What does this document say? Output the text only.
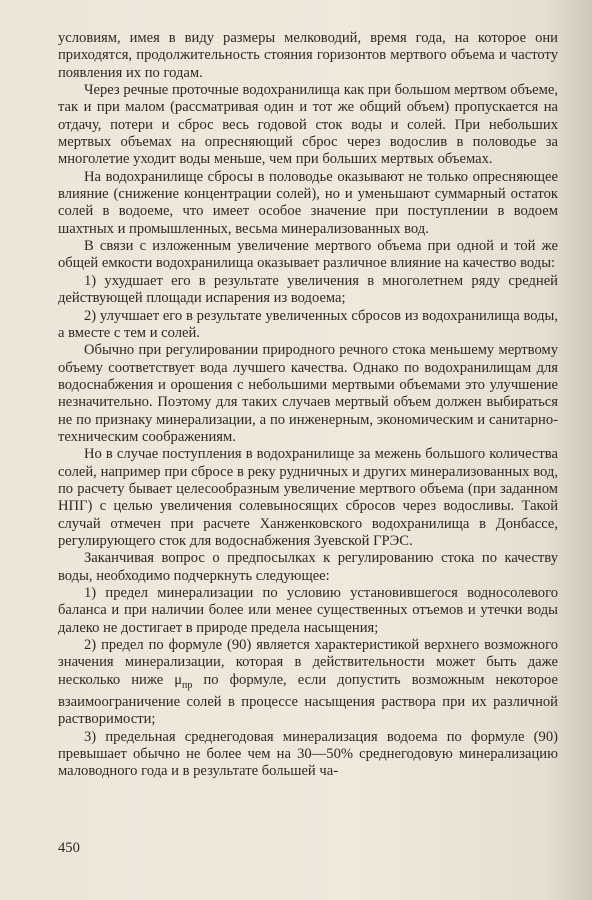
условиям, имея в виду размеры мелководий, время года, на которое они приходятся, продолжительность стояния горизонтов мертвого объема и частоту появления их по годам.

Через речные проточные водохранилища как при большом мертвом объеме, так и при малом (рассматривая один и тот же общий объем) пропускается на отдачу, потери и сброс весь годовой сток воды и солей. При небольших мертвых объемах на опресняющий сброс через водослив в половодье за многолетие уходит воды меньше, чем при больших мертвых объемах.

На водохранилище сбросы в половодье оказывают не только опресняющее влияние (снижение концентрации солей), но и уменьшают суммарный остаток солей в водоеме, что имеет особое значение при поступлении в водоем шахтных и промышленных, весьма минерализованных вод.

В связи с изложенным увеличение мертвого объема при одной и той же общей емкости водохранилища оказывает различное влияние на качество воды:

1) ухудшает его в результате увеличения в многолетнем ряду средней действующей площади испарения из водоема;

2) улучшает его в результате увеличенных сбросов из водохранилища воды, а вместе с тем и солей.

Обычно при регулировании природного речного стока меньшему мертвому объему соответствует вода лучшего качества. Однако по водохранилищам для водоснабжения и орошения с небольшими мертвыми объемами это улучшение незначительно. Поэтому для таких случаев мертвый объем должен выбираться не по признаку минерализации, а по инженерным, экономическим и санитарно-техническим соображениям.

Но в случае поступления в водохранилище за межень большого количества солей, например при сбросе в реку рудничных и других минерализованных вод, по расчету бывает целесообразным увеличение мертвого объема (при заданном НПГ) с целью увеличения солевыносящих сбросов через водосливы. Такой случай отмечен при расчете Ханженковского водохранилища в Донбассе, регулирующего сток для водоснабжения Зуевской ГРЭС.

Заканчивая вопрос о предпосылках к регулированию стока по качеству воды, необходимо подчеркнуть следующее:

1) предел минерализации по условию установившегося водносолевого баланса и при наличии более или менее существенных отъемов и утечки воды далеко не достигает в природе предела насыщения;

2) предел по формуле (90) является характеристикой верхнего возможного значения минерализации, которая в действительности может быть даже несколько ниже $\mu_{пр}$ по формуле, если допустить возможным некоторое взаимоограничение солей в процессе насыщения раствора при их различной растворимости;

3) предельная среднегодовая минерализация водоема по формуле (90) превышает обычно не более чем на 30—50% среднегодовую минерализацию маловодного года и в результате большей ча-

450
